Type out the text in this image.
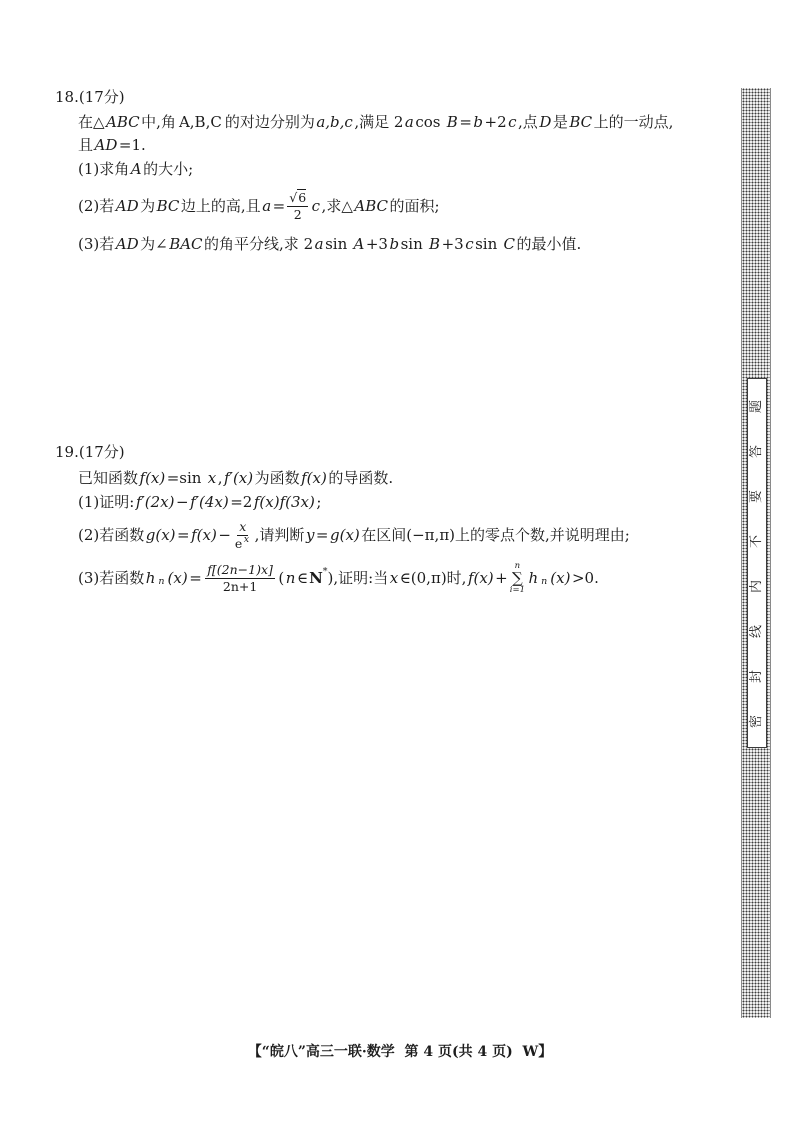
18.(17分)
在△ ABC 中,角 A,B,C 的对边分别为 a,b,c ,满足 2 a cos B = b +2 c ,点 D 是 BC 上的一动点,
且 AD =1.
(1)求角 A 的大小;
(2)若 AD 为 BC 边上的高,且 $a = \frac{√6}{2}$ c ,求△ ABC 的面积;
(3)若 AD 为∠ BAC 的角平分线,求 2 a sin A +3 b sin B +3 c sin C 的最小值.
19.(17分)
已知函数 f(x) =sin x , f′(x) 为函数 f(x) 的导函数.
(1)证明: f′(2x) − f′(4x) =2 f(x)f(3x) ;
(2)若函数 $g(x) = f(x) - \frac{x}{e ^x}$ ,请判断 y = g(x) 在区间(−π,π)上的零点个数,并说明理由;
(3)若函数 h n $(x) = \frac{f[(2n-1)x]}{2n+1}$ ( n ∈ N * ),证明:当 x ∈(0,π)时, f(x) +
n
∑
i=1
h n (x) >0.	密封线内不要答题
【“皖八”高三一联·数学  第 4 页(共 4 页)  W】
